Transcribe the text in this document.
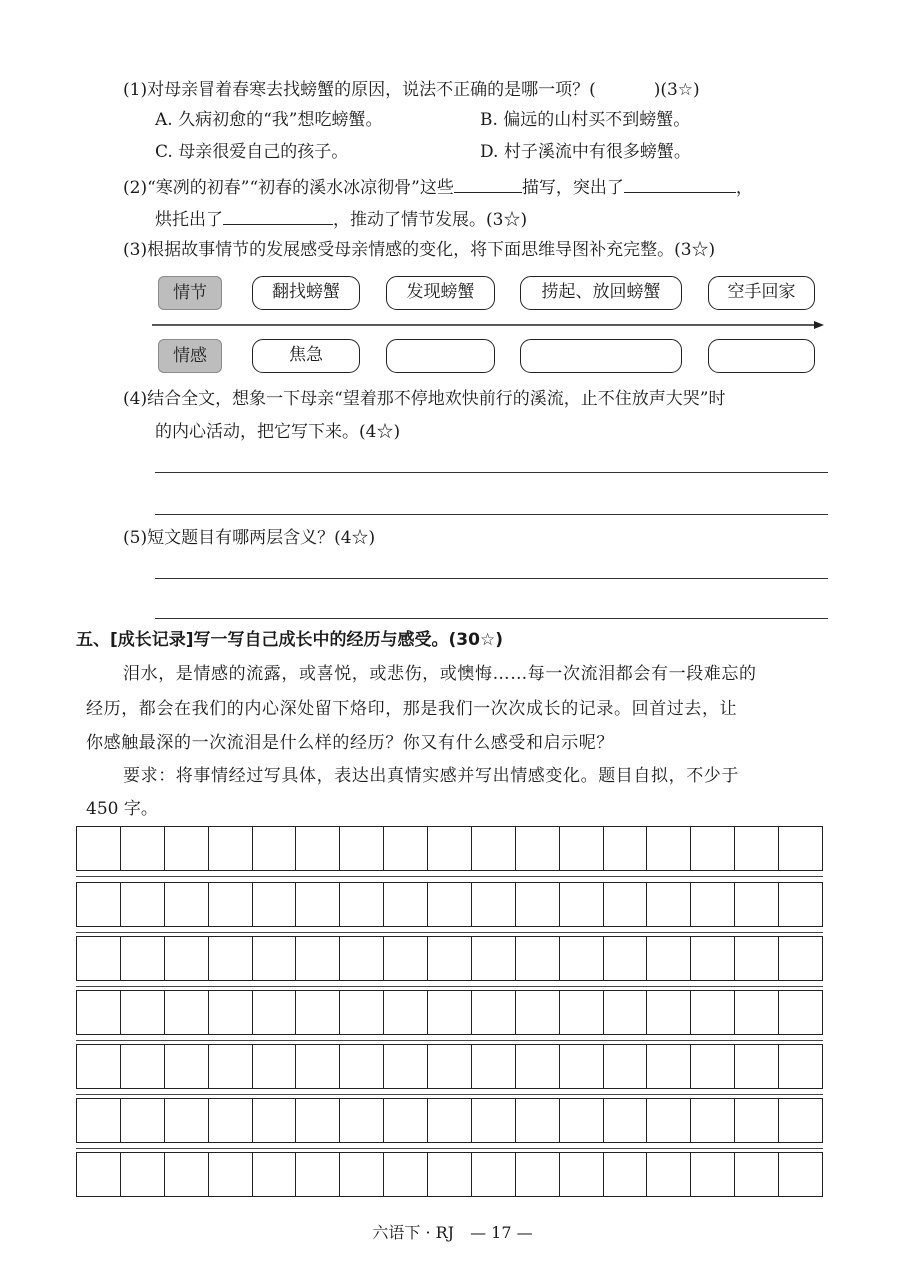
(1)对母亲冒着春寒去找螃蟹的原因，说法不正确的是哪一项？(	)(3☆)
A. 久病初愈的“我”想吃螃蟹。	B. 偏远的山村买不到螃蟹。
C. 母亲很爱自己的孩子。	D. 村子溪流中有很多螃蟹。
(2)“寒冽的初春”“初春的溪水冰凉彻骨”这些	描写，突出了	，
烘托出了	，推动了情节发展。(3☆)
(3)根据故事情节的发展感受母亲情感的变化，将下面思维导图补充完整。(3☆)
情节	翻找螃蟹	发现螃蟹	捞起、放回螃蟹	空手回家
情感	焦急
(4)结合全文，想象一下母亲“望着那不停地欢快前行的溪流，止不住放声大哭”时
的内心活动，把它写下来。(4☆)
(5)短文题目有哪两层含义？(4☆)
五、[成长记录]写一写自己成长中的经历与感受。(30☆)
泪水，是情感的流露，或喜悦，或悲伤，或懊悔……每一次流泪都会有一段难忘的
经历，都会在我们的内心深处留下烙印，那是我们一次次成长的记录。回首过去，让
你感触最深的一次流泪是什么样的经历？你又有什么感受和启示呢？
要求：将事情经过写具体，表达出真情实感并写出情感变化。题目自拟，不少于
450 字。
六语下 · RJ　— 17 —
